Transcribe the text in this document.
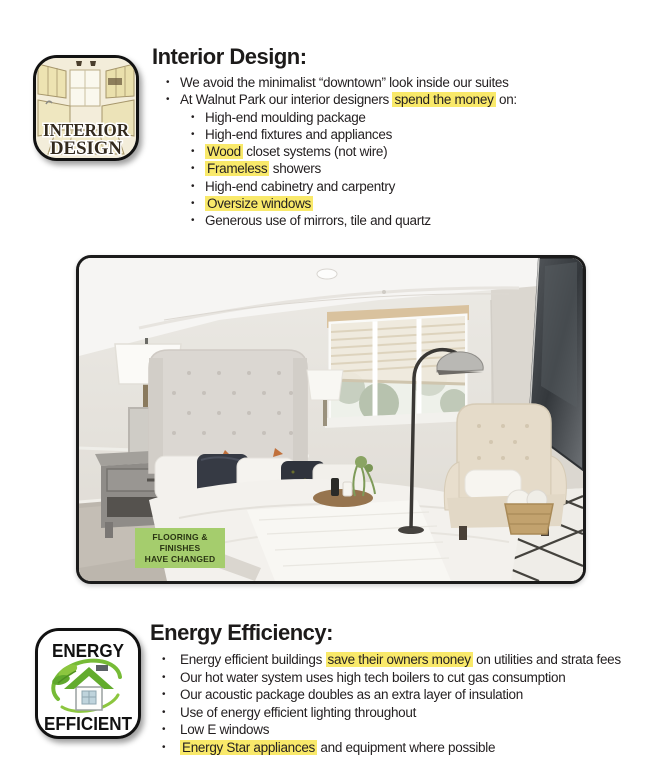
INTERIOR
DESIGN
Interior Design:
• We avoid the minimalist “downtown” look inside our suites
• At Walnut Park our interior designers spend the money on:
• High-end moulding package
• High-end fixtures and appliances
• Wood closet systems (not wire)
• Frameless showers
• High-end cabinetry and carpentry
• Oversize windows
• Generous use of mirrors, tile and quartz
FLOORING &
FINISHES
HAVE CHANGED
ENERGY
EFFICIENT
Energy Efficiency:
•	Energy efficient buildings save their owners money on utilities and strata fees
•	Our hot water system uses high tech boilers to cut gas consumption
•	Our acoustic package doubles as an extra layer of insulation
•	Use of energy efficient lighting throughout
•	Low E windows
•	Energy Star appliances and equipment where possible
